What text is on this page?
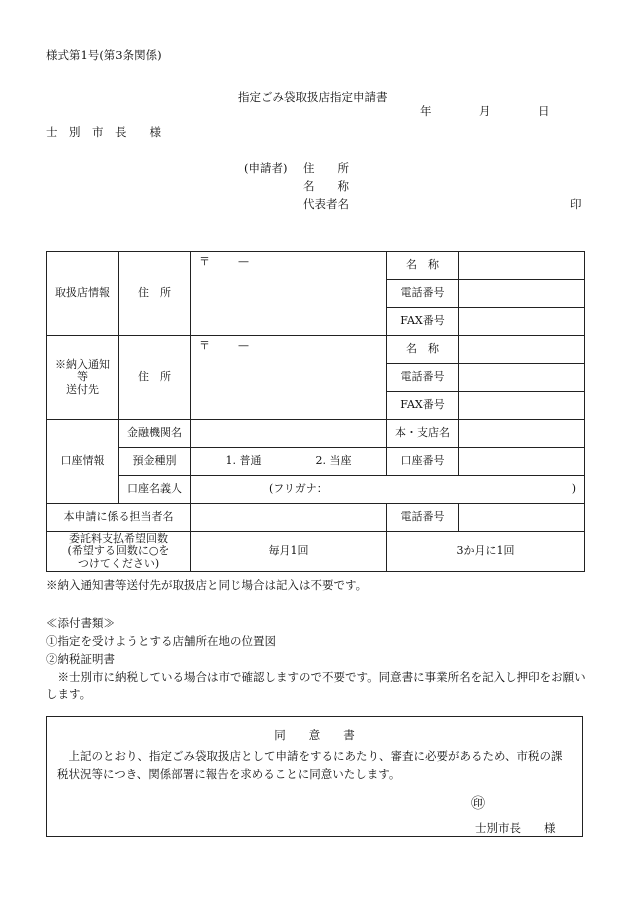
様式第1号(第3条関係)
指定ごみ袋取扱店指定申請書
年	月	日
士　別　市　長　　様
(申請者) 住　　所
名　　称
代表者名	印
取扱店情報	住　所	〒 —	名　称	
			電話番号	
			FAX番号	

※納入通知
等
送付先	住　所	〒 —	名　称	
			電話番号	
			FAX番号	
口座情報	金融機関名		本・支店名	
	預金種別	1. 普通 2. 当座	口座番号	
	口座名義人	(フリガナ： )		

本申請に係る担当者名			電話番号	

委託料支払希望回数
(希望する回数に○を
つけてください)		毎月1回	3か月に1回	
※納入通知書等送付先が取扱店と同じ場合は記入は不要です。
≪添付書類≫
①指定を受けようとする店舗所在地の位置図
②納税証明書
※士別市に納税している場合は市で確認しますので不要です。同意書に事業所名を記入し押印をお願いします。
同　　意　　書
上記のとおり、指定ごみ袋取扱店として申請をするにあたり、審査に必要があるため、市税の課税状況等につき、関係部署に報告を求めることに同意いたします。
㊞
士別市長　　様
